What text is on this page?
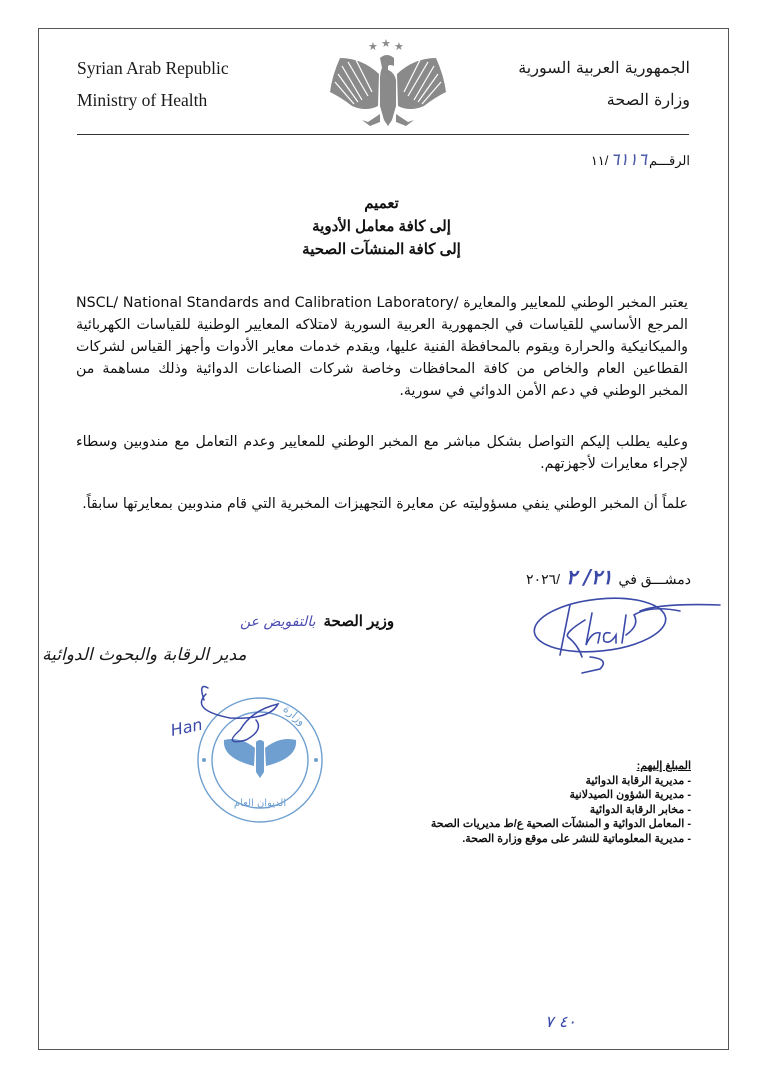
Syrian Arab Republic
Ministry of Health
الجمهورية العربية السورية
وزارة الصحة
★ ★ ★
الرقـــم
٦١١٦
/١١
تعميم
إلى كافة معامل الأدوية
إلى كافة المنشآت الصحية

يعتبر المخبر الوطني للمعايير والمعايرة /NSCL/ National Standards and Calibration Laboratory المرجع الأساسي للقياسات في الجمهورية العربية السورية لامتلاكه المعايير الوطنية للقياسات الكهربائية والميكانيكية والحرارة ويقوم بالمحافظة الفنية عليها، ويقدم خدمات معاير الأدوات وأجهز القياس لشركات القطاعين العام والخاص من كافة المحافظات وخاصة شركات الصناعات الدوائية وذلك مساهمة من المخبر الوطني في دعم الأمن الدوائي في سورية.

وعليه يطلب إليكم التواصل بشكل مباشر مع المخبر الوطني للمعايير وعدم التعامل مع مندوبين وسطاء لإجراء معايرات لأجهزتهم.

علماً أن المخبر الوطني ينفي مسؤوليته عن معايرة التجهيزات المخبرية التي قام مندوبين بمعايرتها سابقاً.

دمشـــق في
٢١/ ٢
/٢٠٢٦
وزير الصحة
بالتفويض عن
مدير الرقابة والبحوث الدوائية
الديوان العام
وزارة
Han
المبلغ إليهم:
- مديرية الرقابة الدوائية
- مديرية الشؤون الصيدلانية
- مخابر الرقابة الدوائية
- المعامل الدوائية و المنشآت الصحية ع/ط مديريات الصحة
- مديرية المعلوماتية للنشر على موقع وزارة الصحة.
٤٠ ٧
